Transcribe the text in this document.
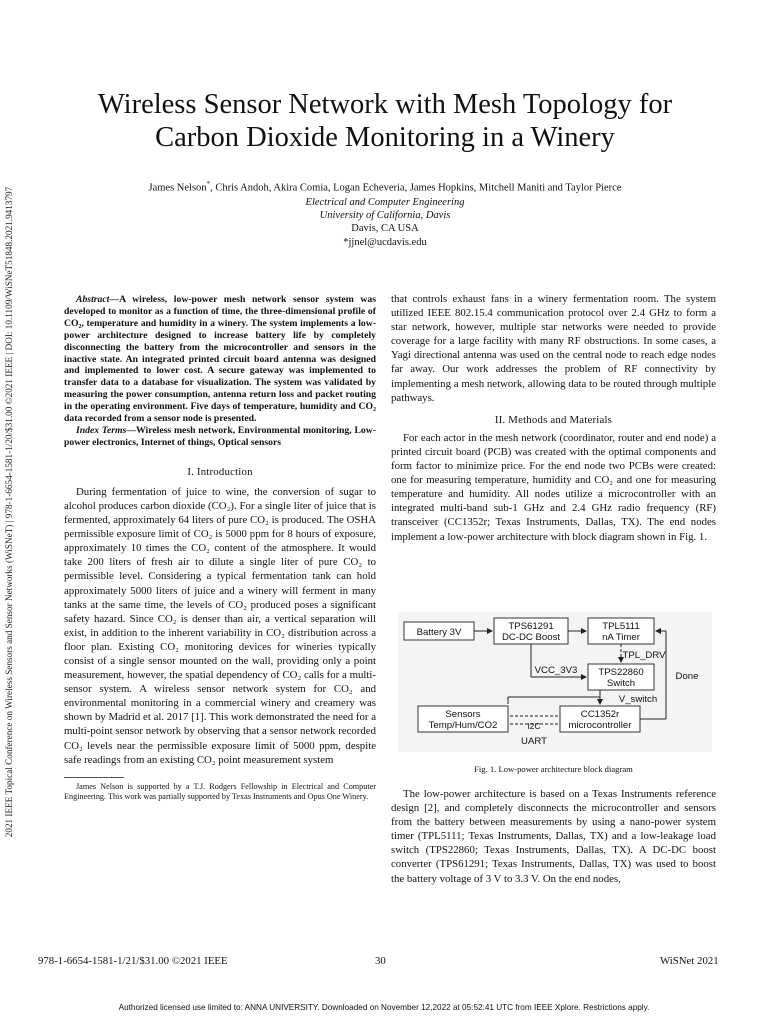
2021 IEEE Topical Conference on Wireless Sensors and Sensor Networks (WiSNeT) | 978-1-6654-1581-1/20/$31.00 ©2021 IEEE | DOI: 10.1109/WiSNeT51848.2021.9413797
Wireless Sensor Network with Mesh Topology for
Carbon Dioxide Monitoring in a Winery
James Nelson*, Chris Andoh, Akira Comia, Logan Echeveria, James Hopkins, Mitchell Maniti and Taylor Pierce
Electrical and Computer Engineering
University of California, Davis
Davis, CA USA
*jjnel@ucdavis.edu

Abstract—A wireless, low-power mesh network sensor system was developed to monitor as a function of time, the three-dimensional profile of CO₂, temperature and humidity in a winery. The system implements a low-power architecture designed to increase battery life by completely disconnecting the battery from the microcontroller and sensors in the inactive state. An integrated printed circuit board antenna was designed and implemented to lower cost. A secure gateway was implemented to transfer data to a database for visualization. The system was validated by measuring the power consumption, antenna return loss and packet routing in the operating environment. Five days of temperature, humidity and CO₂ data recorded from a sensor node is presented.

Index Terms—Wireless mesh network, Environmental monitoring, Low-power electronics, Internet of things, Optical sensors

I. Introduction

During fermentation of juice to wine, the conversion of sugar to alcohol produces carbon dioxide (CO₂). For a single liter of juice that is fermented, approximately 64 liters of pure CO₂ is produced. The OSHA permissible exposure limit of CO₂ is 5000 ppm for 8 hours of exposure, approximately 10 times the CO₂ content of the atmosphere. It would take 200 liters of fresh air to dilute a single liter of pure CO₂ to permissible level. Considering a typical fermentation tank can hold approximately 5000 liters of juice and a winery will ferment in many tanks at the same time, the levels of CO₂ produced poses a significant safety hazard. Since CO₂ is denser than air, a vertical separation will exist, in addition to the inherent variability in CO₂ distribution across a floor plan. Existing CO₂ monitoring devices for wineries typically consist of a single sensor mounted on the wall, providing only a point measurement, however, the spatial dependency of CO₂ calls for a multi-sensor system. A wireless sensor network system for CO₂ and environmental monitoring in a commercial winery and creamery was shown by Madrid et al. 2017 [1]. This work demonstrated the need for a multi-point sensor network by observing that a sensor network recorded CO₂ levels near the permissible exposure limit of 5000 ppm, despite safe readings from an existing CO₂ point measurement system

James Nelson is supported by a T.J. Rodgers Fellowship in Electrical and Computer Engineering. This work was partially supported by Texas Instruments and Opus One Winery.

that controls exhaust fans in a winery fermentation room. The system utilized IEEE 802.15.4 communication protocol over 2.4 GHz to form a star network, however, multiple star networks were needed to provide coverage for a large facility with many RF obstructions. In some cases, a Yagi directional antenna was used on the central node to reach edge nodes far away. Our work addresses the problem of RF connectivity by implementing a mesh network, allowing data to be routed through multiple pathways.

II. Methods and Materials

For each actor in the mesh network (coordinator, router and end node) a printed circuit board (PCB) was created with the optimal components and form factor to minimize price. For the end node two PCBs were created: one for measuring temperature, humidity and CO₂ and one for measuring temperature and humidity. All nodes utilize a microcontroller with an integrated multi-band sub-1 GHz and 2.4 GHz radio frequency (RF) transceiver (CC1352r; Texas Instruments, Dallas, TX). The end nodes implement a low-power architecture with block diagram shown in Fig. 1.

Battery 3V
TPS61291
DC-DC Boost
TPL5111
nA Timer
TPS22860
Switch
CC1352r
microcontroller
Sensors
Temp/Hum/CO2
TPL_DRV
VCC_3V3
Done
V_switch
I2C
UART
Fig. 1. Low-power architecture block diagram

The low-power architecture is based on a Texas Instruments reference design [2], and completely disconnects the microcontroller and sensors from the battery between measurements by using a nano-power system timer (TPL5111; Texas Instruments, Dallas, TX) and a low-leakage load switch (TPS22860; Texas Instruments, Dallas, TX). A DC-DC boost converter (TPS61291; Texas Instruments, Dallas, TX) was used to boost the battery voltage of 3 V to 3.3 V. On the end nodes,

978-1-6654-1581-1/21/$31.00 ©2021 IEEE	30	WiSNet 2021
Authorized licensed use limited to: ANNA UNIVERSITY. Downloaded on November 12,2022 at 05:52:41 UTC from IEEE Xplore. Restrictions apply.
